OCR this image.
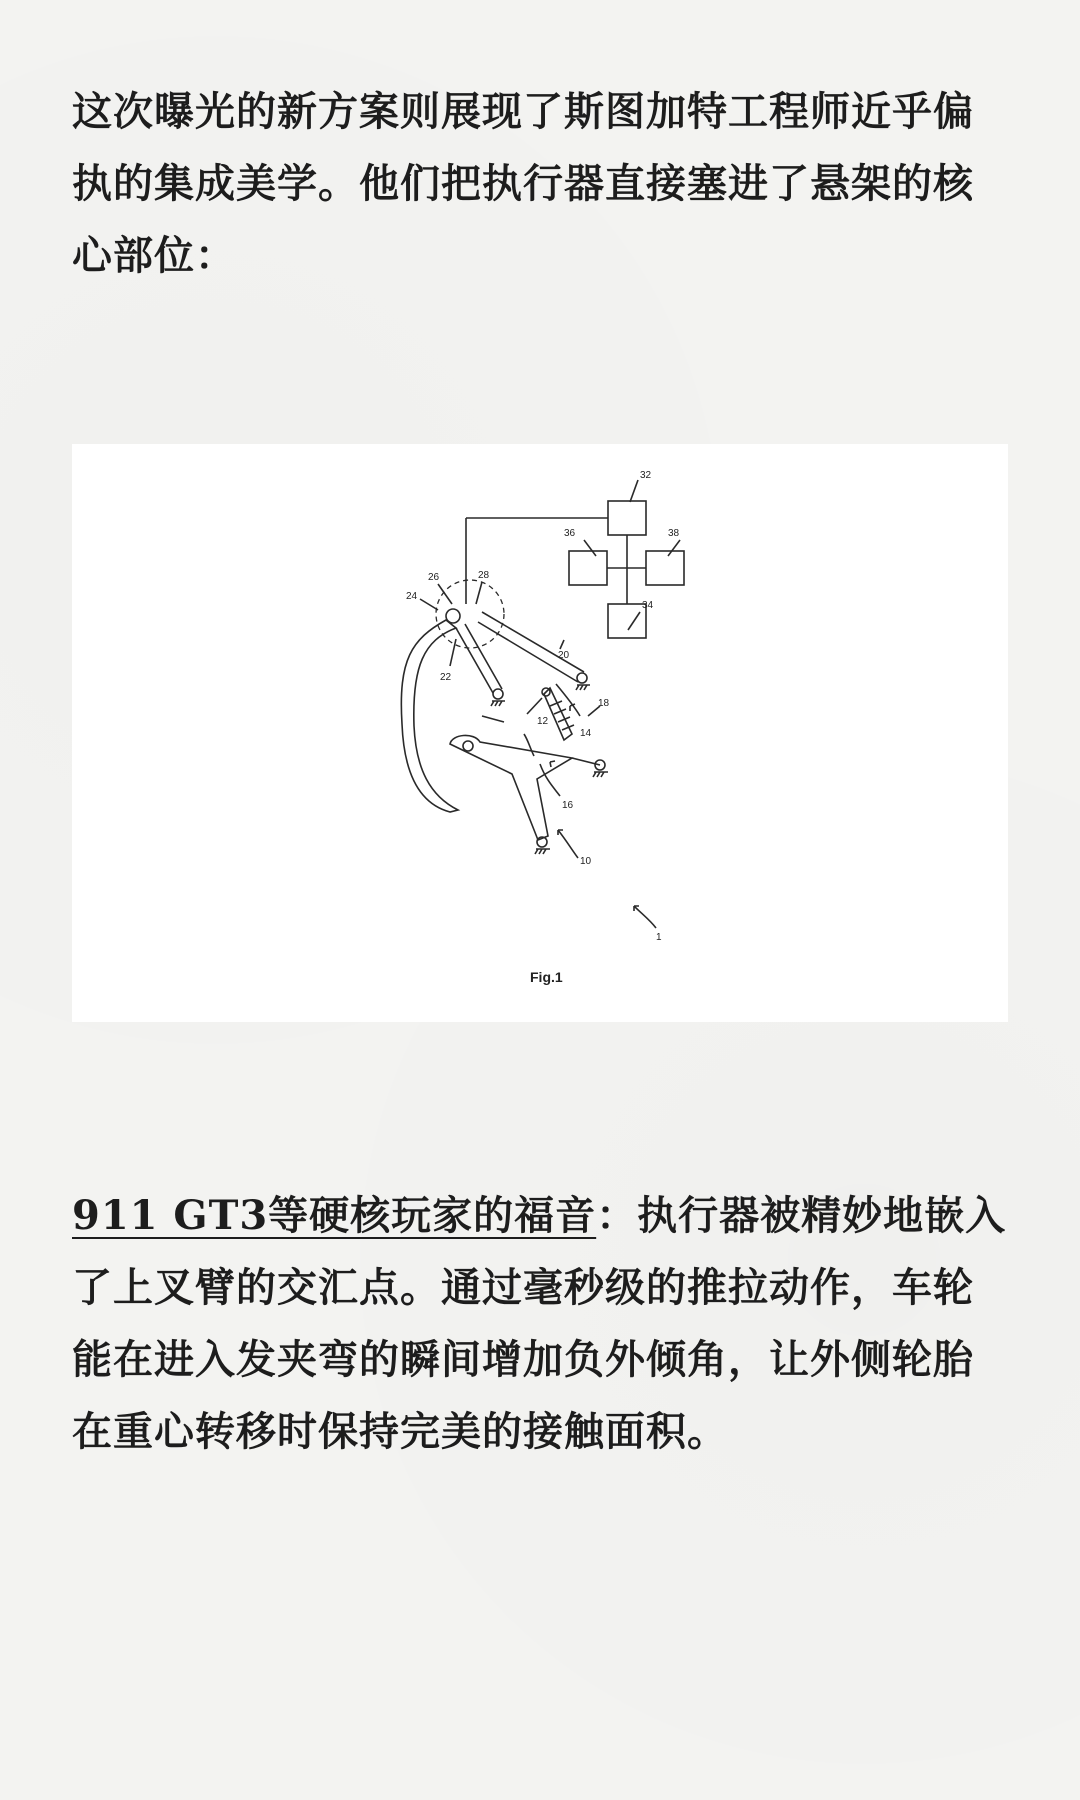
这次曝光的新方案则展现了斯图加特工程师近乎偏执的集成美学。他们把执行器直接塞进了悬架的核心部位：

32
36	38
34
20
14
26	28
24
22
18
12
16
10
1
Fig.1

911 GT3等硬核玩家的福音：执行器被精妙地嵌入了上叉臂的交汇点。通过毫秒级的推拉动作，车轮能在进入发夹弯的瞬间增加负外倾角，让外侧轮胎在重心转移时保持完美的接触面积。
